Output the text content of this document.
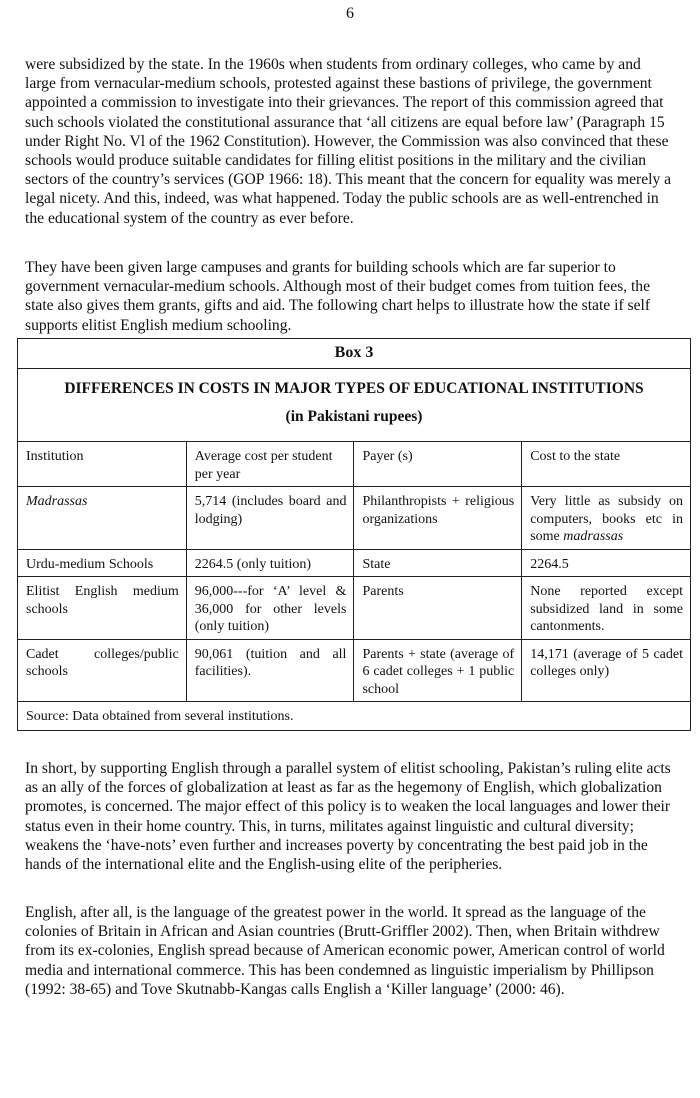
6

were subsidized by the state. In the 1960s when students from ordinary colleges, who came by and large from vernacular-medium schools, protested against these bastions of privilege, the government appointed a commission to investigate into their grievances. The report of this commission agreed that such schools violated the constitutional assurance that ‘all citizens are equal before law’ (Paragraph 15 under Right No. Vl of the 1962 Constitution). However, the Commission was also convinced that these schools would produce suitable candidates for filling elitist positions in the military and the civilian sectors of the country’s services (GOP 1966: 18). This meant that the concern for equality was merely a legal nicety. And this, indeed, was what happened. Today the public schools are as well-entrenched in the educational system of the country as ever before.

They have been given large campuses and grants for building schools which are far superior to government vernacular-medium schools. Although most of their budget comes from tuition fees, the state also gives them grants, gifts and aid. The following chart helps to illustrate how the state if self supports elitist English medium schooling.

Box 3			

DIFFERENCES IN COSTS IN MAJOR TYPES OF EDUCATIONAL INSTITUTIONS
(in Pakistani rupees)			

Institution	Average cost per student per year	Payer (s)	Cost to the state
Madrassas	5,714 (includes board and lodging)	Philanthropists + religious organizations	Very little as subsidy on computers, books etc in some madrassas
Urdu-medium Schools	2264.5 (only tuition)	State	2264.5
Elitist English medium schools	96,000---for ‘A’ level & 36,000 for other levels (only tuition)	Parents	None reported except subsidized land in some cantonments.
Cadet colleges/public schools	90,061 (tuition and all facilities).	Parents + state (average of 6 cadet colleges + 1 public school	14,171 (average of 5 cadet colleges only)
Source: Data obtained from several institutions.			

In short, by supporting English through a parallel system of elitist schooling, Pakistan’s ruling elite acts as an ally of the forces of globalization at least as far as the hegemony of English, which globalization promotes, is concerned. The major effect of this policy is to weaken the local languages and lower their status even in their home country. This, in turns, militates against linguistic and cultural diversity; weakens the ‘have-nots’ even further and increases poverty by concentrating the best paid job in the hands of the international elite and the English-using elite of the peripheries.

English, after all, is the language of the greatest power in the world. It spread as the language of the colonies of Britain in African and Asian countries (Brutt-Griffler 2002). Then, when Britain withdrew from its ex-colonies, English spread because of American economic power, American control of world media and international commerce. This has been condemned as linguistic imperialism by Phillipson (1992: 38-65) and Tove Skutnabb-Kangas calls English a ‘Killer language’ (2000: 46).
